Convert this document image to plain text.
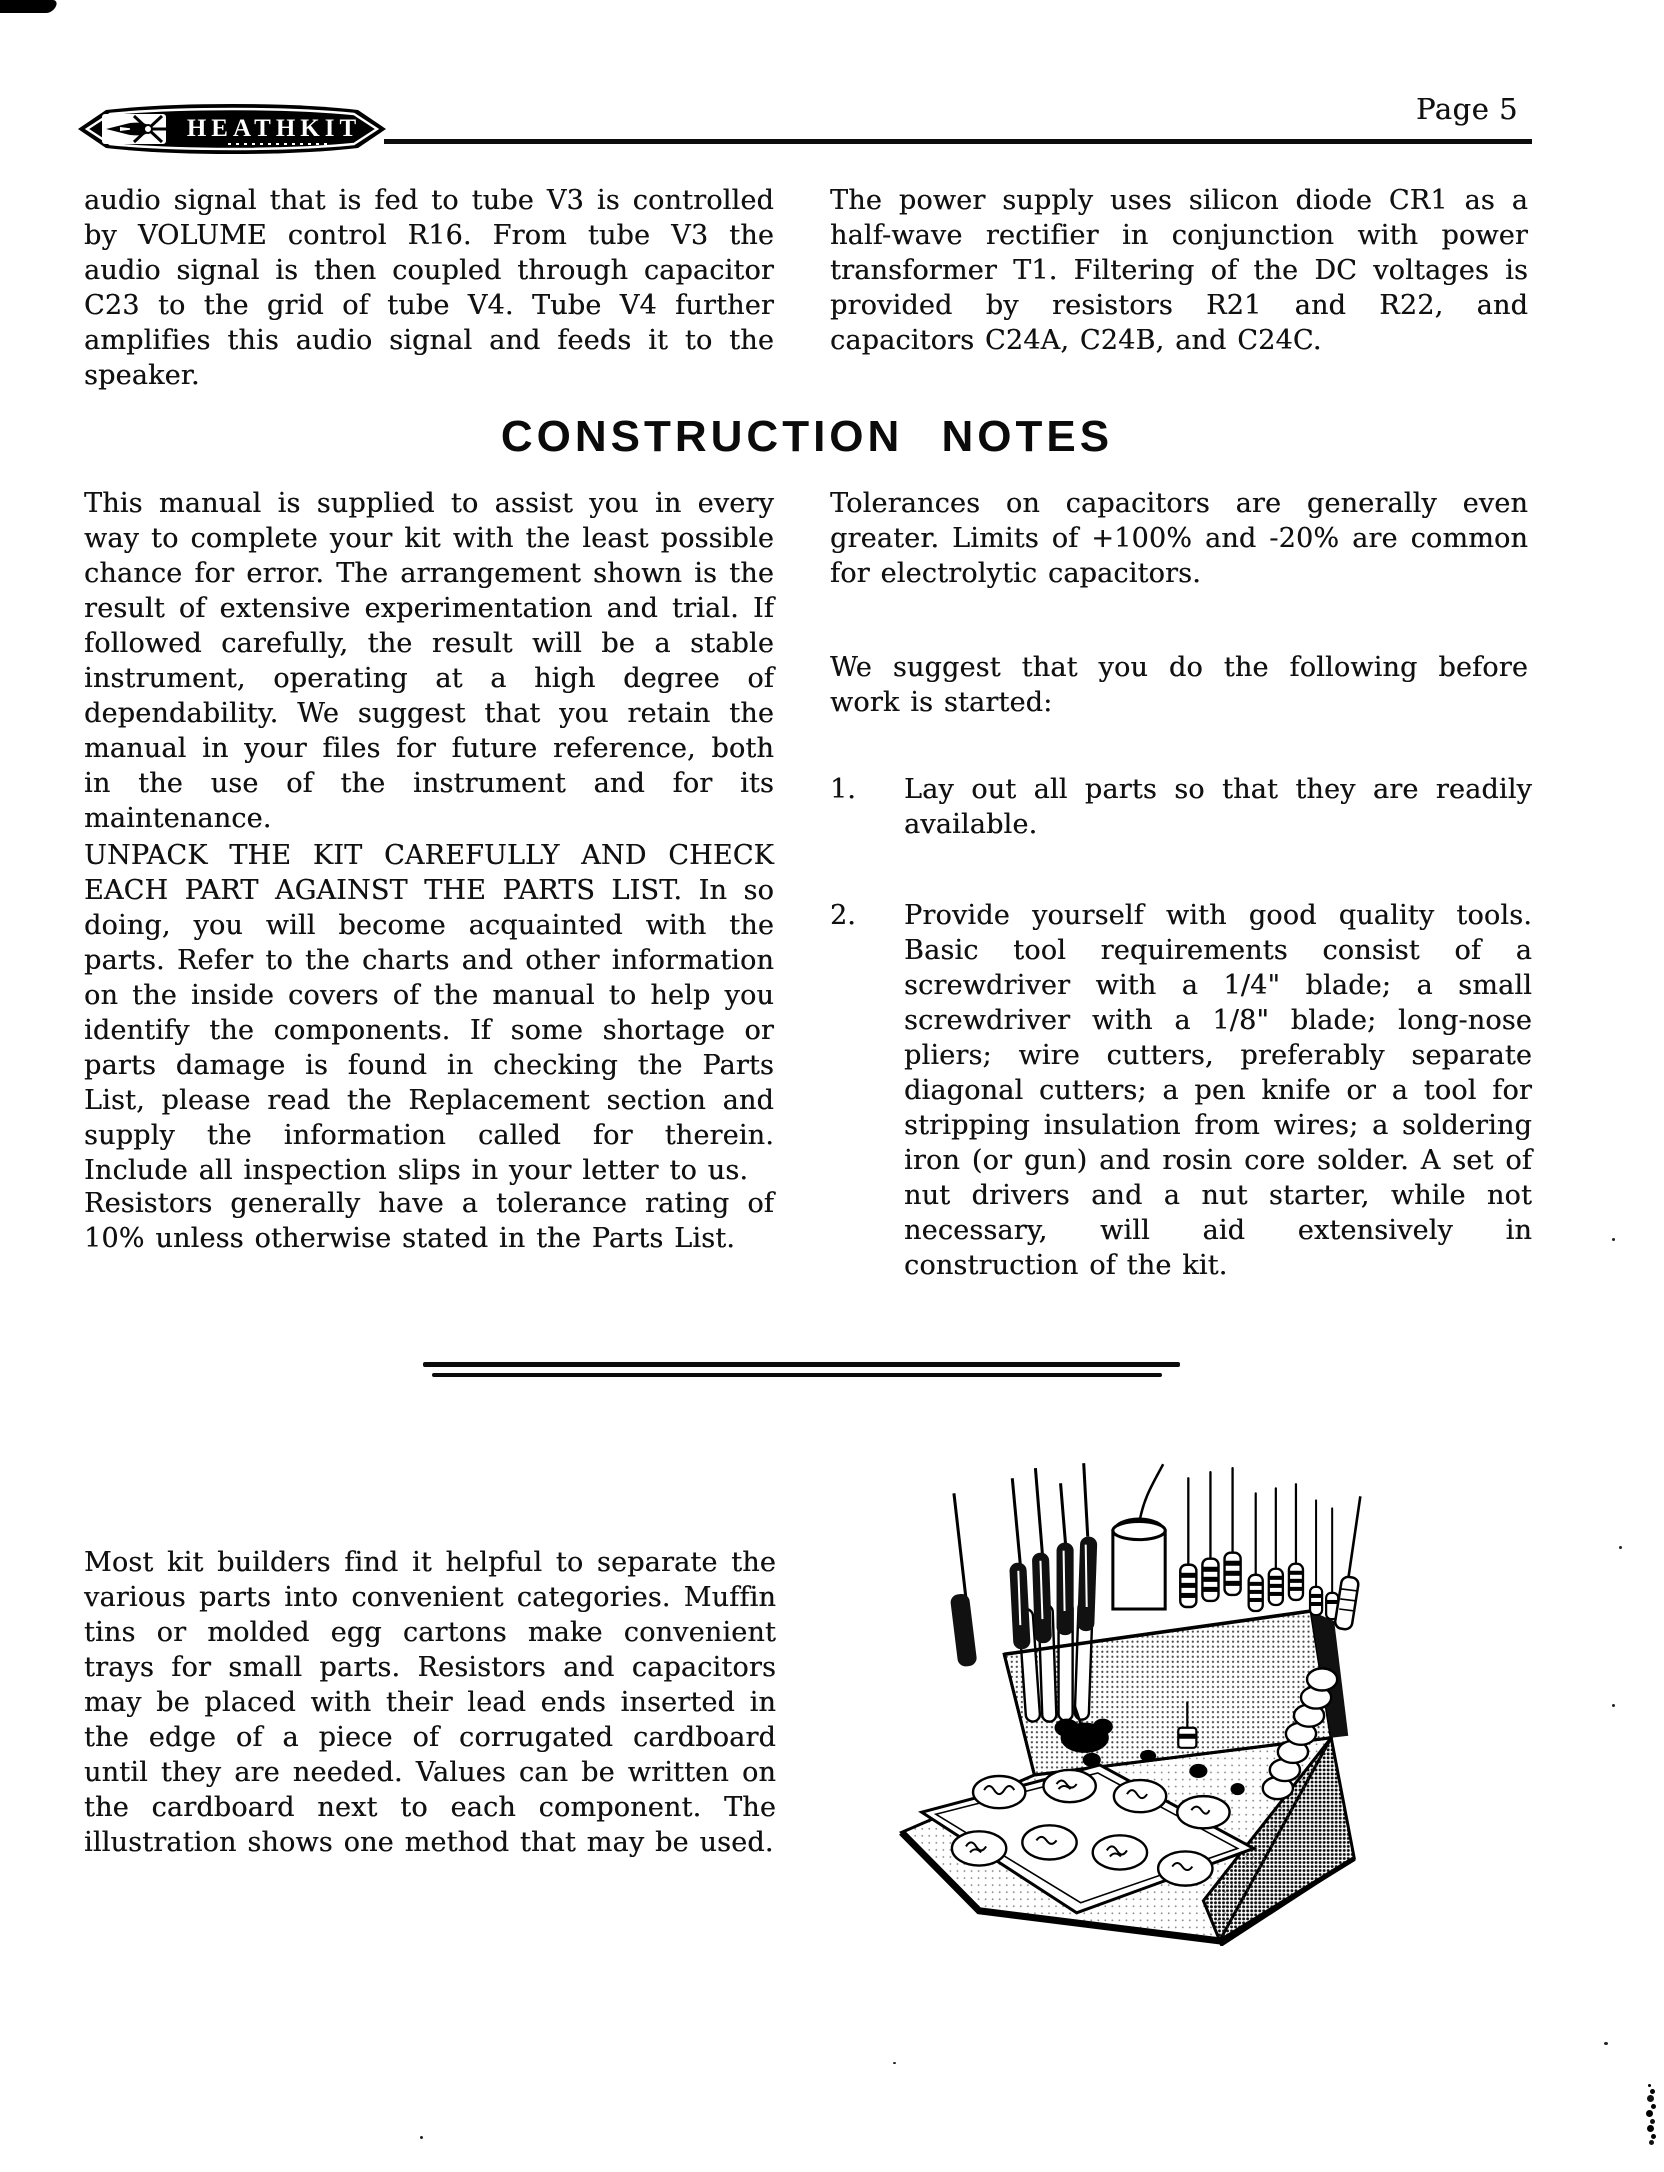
HEATHKIT
Page 5

audio signal that is fed to tube V3 is controlled by VOLUME control R16. From tube V3 the audio signal is then coupled through capacitor C23 to the grid of tube V4. Tube V4 further amplifies this audio signal and feeds it to the speaker.

The power supply uses silicon diode CR1 as a half-wave rectifier in conjunction with power transformer T1. Filtering of the DC voltages is provided by resistors R21 and R22, and capacitors C24A, C24B, and C24C.

CONSTRUCTION NOTES

This manual is supplied to assist you in every way to complete your kit with the least possible chance for error. The arrangement shown is the result of extensive experimentation and trial. If followed carefully, the result will be a stable instrument, operating at a high degree of dependability. We suggest that you retain the manual in your files for future reference, both in the use of the instrument and for its maintenance.

UNPACK THE KIT CAREFULLY AND CHECK EACH PART AGAINST THE PARTS LIST. In so doing, you will become acquainted with the parts. Refer to the charts and other information on the inside covers of the manual to help you identify the components. If some shortage or parts damage is found in checking the Parts List, please read the Replacement section and supply the information called for therein. Include all inspection slips in your letter to us.

Resistors generally have a tolerance rating of 10% unless otherwise stated in the Parts List.

Tolerances on capacitors are generally even greater. Limits of +100% and -20% are common for electrolytic capacitors.

We suggest that you do the following before work is started:

1.	Lay out all parts so that they are readily available.
2.	Provide yourself with good quality tools. Basic tool requirements consist of a screwdriver with a 1/4" blade; a small screwdriver with a 1/8" blade; long-nose pliers; wire cutters, preferably separate diagonal cutters; a pen knife or a tool for stripping insulation from wires; a soldering iron (or gun) and rosin core solder. A set of nut drivers and a nut starter, while not necessary, will aid extensively in construction of the kit.

Most kit builders find it helpful to separate the various parts into convenient categories. Muffin tins or molded egg cartons make convenient trays for small parts. Resistors and capacitors may be placed with their lead ends inserted in the edge of a piece of corrugated cardboard until they are needed. Values can be written on the cardboard next to each component. The illustration shows one method that may be used.
